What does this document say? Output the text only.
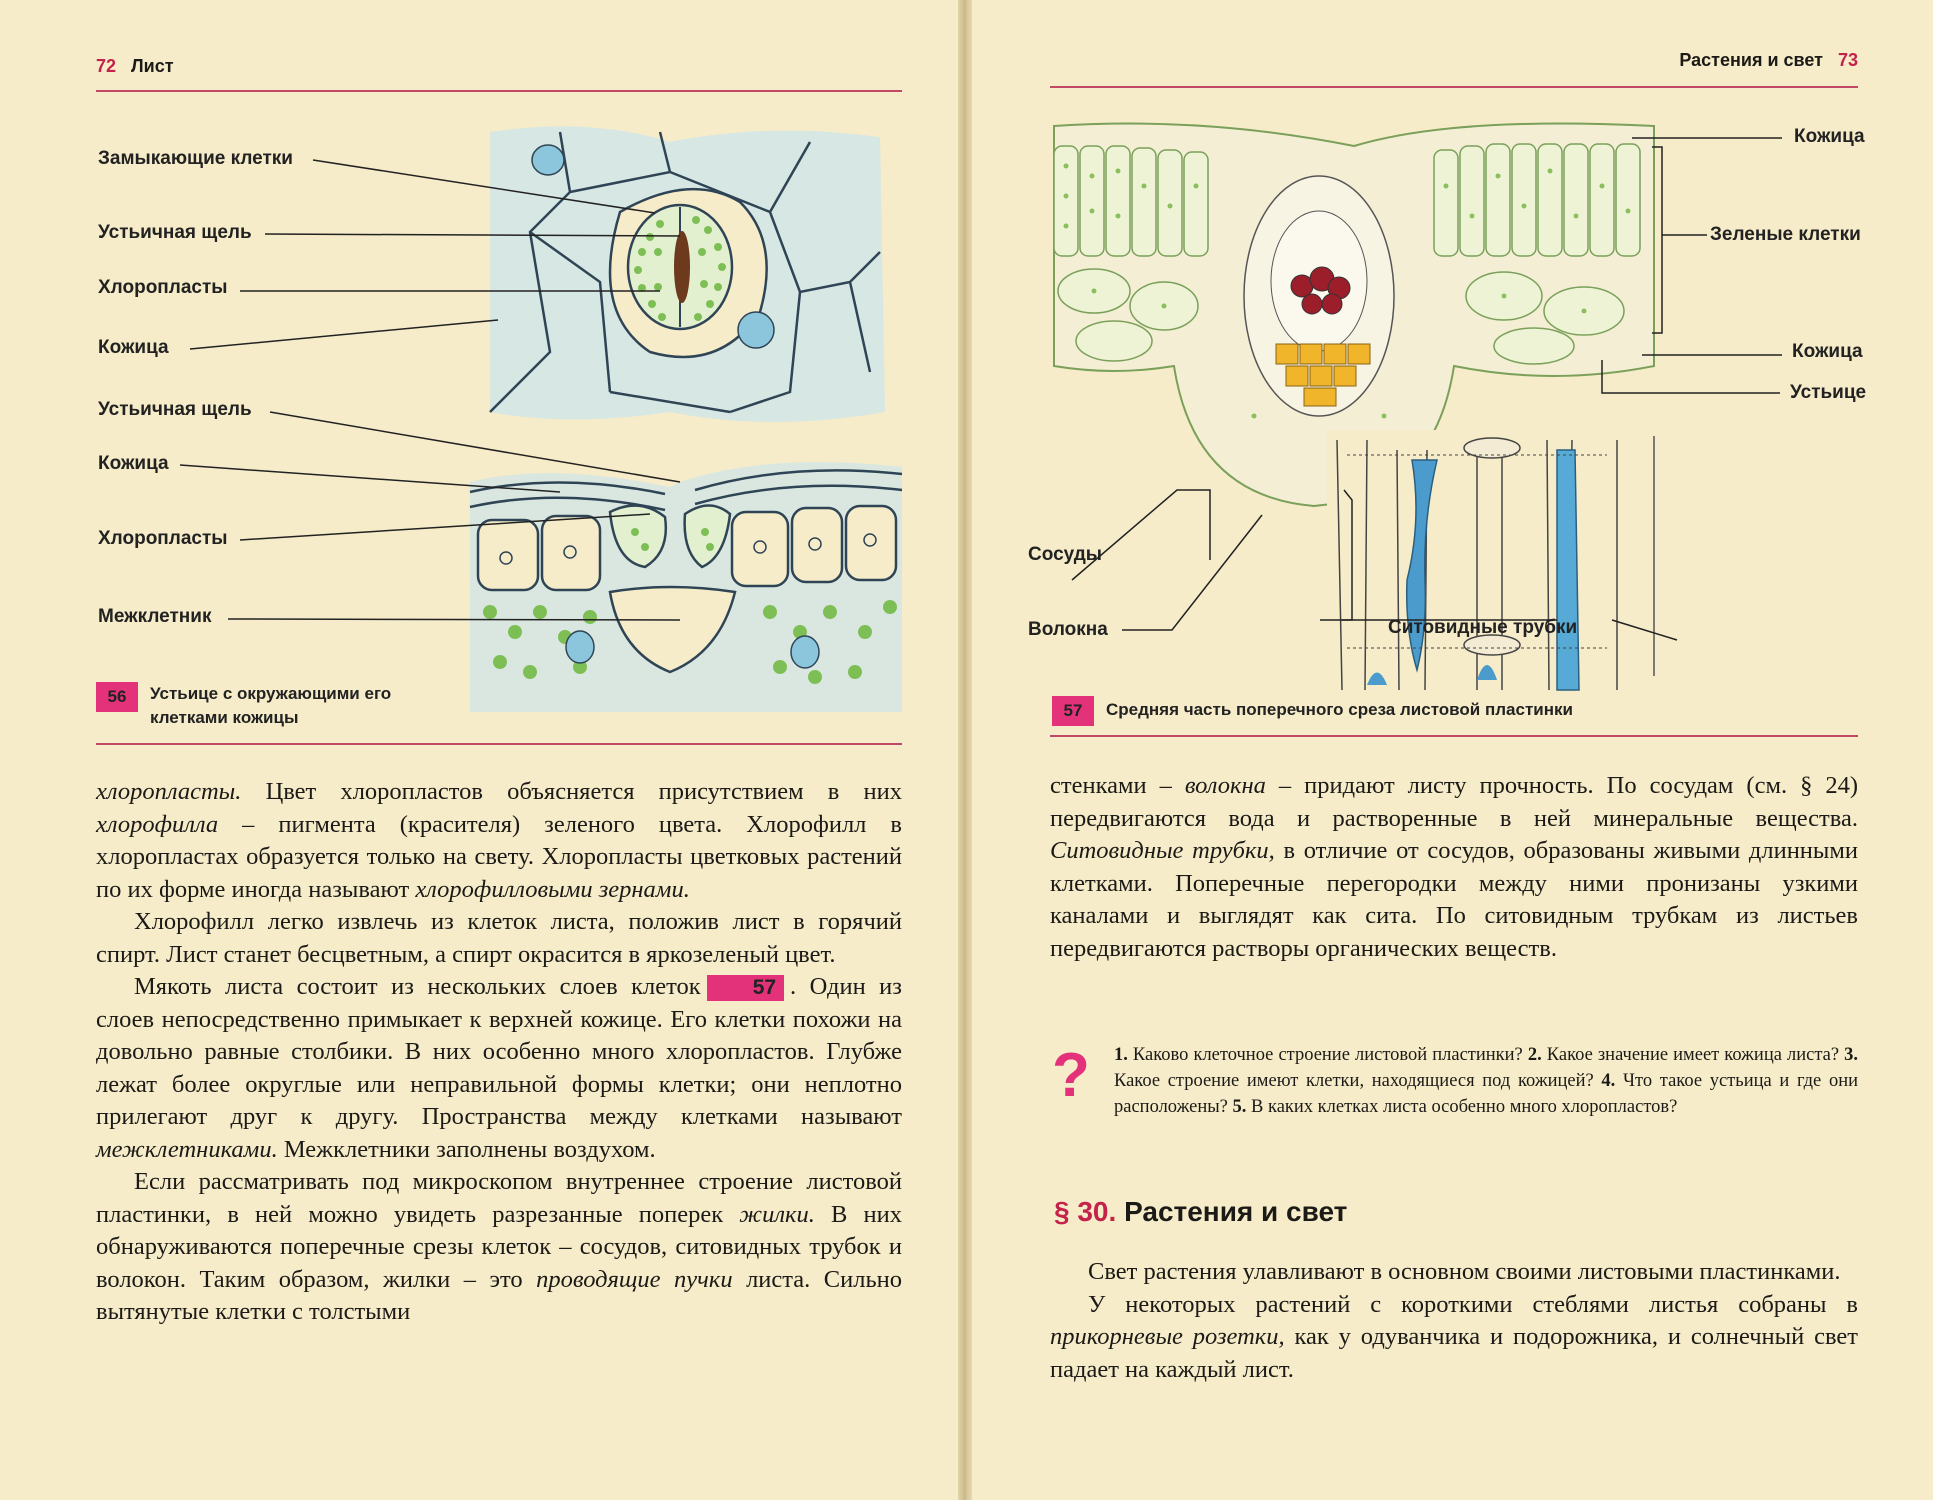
72 Лист
Замыкающие клетки
Устьичная щель
Хлоропласты
Кожица
Устьичная щель
Кожица
Хлоропласты
Межклетник
56	Устьице с окружающими его
клетками кожицы

хлоропласты. Цвет хлоропластов объясняется присутствием в них хлорофилла – пигмента (красителя) зеленого цвета. Хлорофилл в хлоропластах образуется только на свету. Хлоропласты цветковых растений по их форме иногда называют хлорофилловыми зернами.

Хлорофилл легко извлечь из клеток листа, положив лист в горячий спирт. Лист станет бесцветным, а спирт окрасится в яркозеленый цвет.

Мякоть листа состоит из нескольких слоев клеток 57 . Один из слоев непосредственно примыкает к верхней кожице. Его клетки похожи на довольно равные столбики. В них особенно много хлоропластов. Глубже лежат более округлые или неправильной формы клетки; они неплотно прилегают друг к другу. Пространства между клетками называют межклетниками. Межклетники заполнены воздухом.

Если рассматривать под микроскопом внутреннее строение листовой пластинки, в ней можно увидеть разрезанные поперек жилки. В них обнаруживаются поперечные срезы клеток – сосудов, ситовидных трубок и волокон. Таким образом, жилки – это проводящие пучки листа. Сильно вытянутые клетки с толстыми

Растения и свет 73
Кожица
Зеленые клетки
Кожица
Устьице
Сосуды
Волокна	Ситовидные трубки
57	Средняя часть поперечного среза листовой пластинки

стенками – волокна – придают листу прочность. По сосудам (см. § 24) передвигаются вода и растворенные в ней минеральные вещества. Ситовидные трубки, в отличие от сосудов, образованы живыми длинными клетками. Поперечные перегородки между ними пронизаны узкими каналами и выглядят как сита. По ситовидным трубкам из листьев передвигаются растворы органических веществ.

? 1. Каково клеточное строение листовой пластинки? 2. Какое значение имеет кожица листа? 3. Какое строение имеют клетки, находящиеся под кожицей? 4. Что такое устьица и где они расположены? 5. В каких клетках листа особенно много хлоропластов?
§ 30. Растения и свет

Свет растения улавливают в основном своими листовыми пластинками.

У некоторых растений с короткими стеблями листья собраны в прикорневые розетки, как у одуванчика и подорожника, и солнечный свет падает на каждый лист.
